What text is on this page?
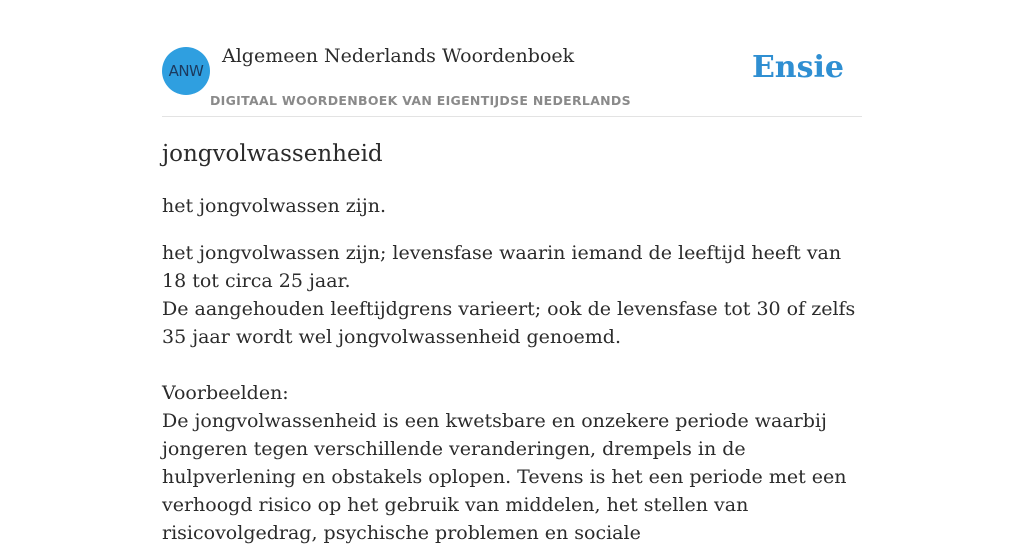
ANW
Algemeen Nederlands Woordenboek
DIGITAAL WOORDENBOEK VAN EIGENTIJDSE NEDERLANDS
Ensie
jongvolwassenheid

het jongvolwassen zijn.

het jongvolwassen zijn; levensfase waarin iemand de leeftijd heeft van 18 tot circa 25 jaar.

De aangehouden leeftijdgrens varieert; ook de levensfase tot 30 of zelfs 35 jaar wordt wel jongvolwassenheid genoemd.

Voorbeelden:

De jongvolwassenheid is een kwetsbare en onzekere periode waarbij jongeren tegen verschillende veranderingen, drempels in de hulpverlening en obstakels oplopen. Tevens is het een periode met een verhoogd risico op het gebruik van middelen, het stellen van risicovolgedrag, psychische problemen en sociale
